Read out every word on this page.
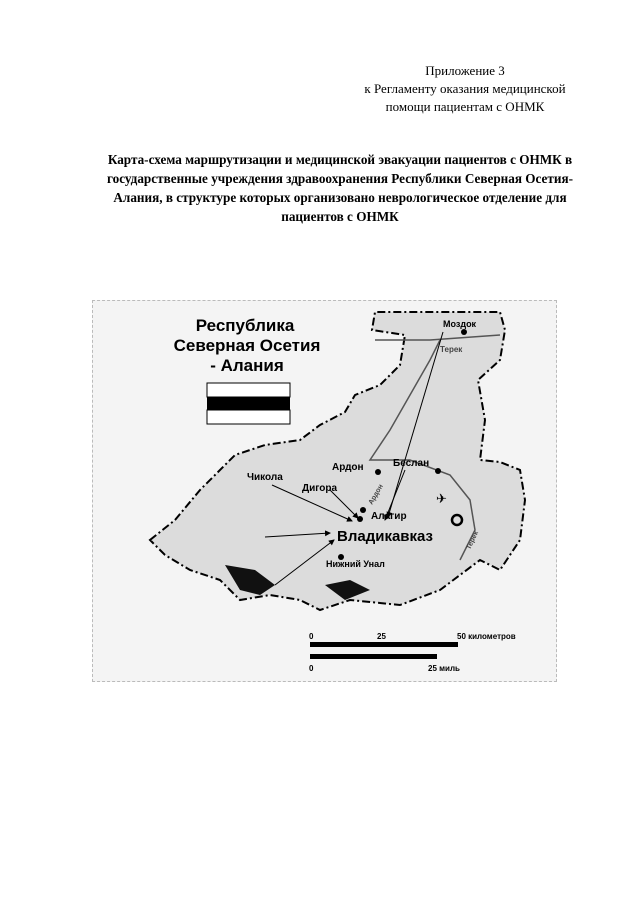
Приложение 3
к Регламенту оказания медицинской
помощи пациентам с ОНМК
Карта-схема маршрутизации и медицинской эвакуации пациентов с ОНМК в
государственные учреждения здравоохранения Республики Северная Осетия-
Алания, в структуре которых организовано неврологическое отделение для
пациентов с ОНМК
Республика
Северная Осетия
- Алания
Моздок
Беслан
Ардон
Чикола
Дигора
Алагир
Владикавказ
Нижний Унал
Терек
Ардон
Терек
✈
0	25	50 километров
0	25 миль
